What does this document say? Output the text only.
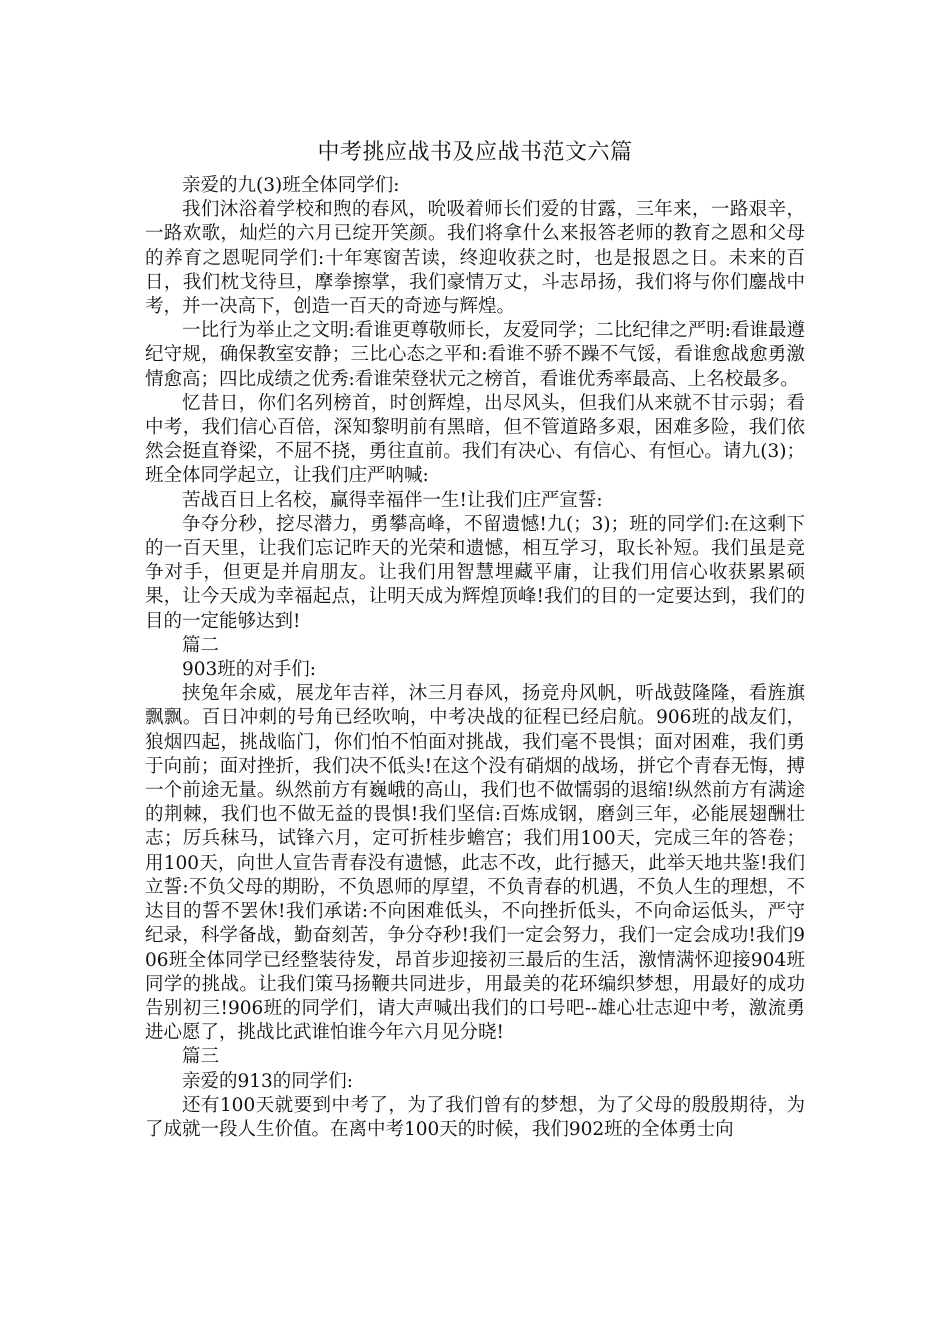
中考挑应战书及应战书范文六篇

亲爱的九(3)班全体同学们:

我们沐浴着学校和煦的春风，吮吸着师长们爱的甘露，三年来，一路艰辛，一路欢歌，灿烂的六月已绽开笑颜。我们将拿什么来报答老师的教育之恩和父母的养育之恩呢同学们:十年寒窗苦读，终迎收获之时，也是报恩之日。未来的百日，我们枕戈待旦，摩拳擦掌，我们豪情万丈，斗志昂扬，我们将与你们鏖战中考，并一决高下，创造一百天的奇迹与辉煌。

一比行为举止之文明:看谁更尊敬师长，友爱同学；二比纪律之严明:看谁最遵纪守规，确保教室安静；三比心态之平和:看谁不骄不躁不气馁，看谁愈战愈勇激情愈高；四比成绩之优秀:看谁荣登状元之榜首，看谁优秀率最高、上名校最多。

忆昔日，你们名列榜首，时创辉煌，出尽风头，但我们从来就不甘示弱；看中考，我们信心百倍，深知黎明前有黑暗，但不管道路多艰，困难多险，我们依然会挺直脊梁，不屈不挠，勇往直前。我们有决心、有信心、有恒心。请九(3)；班全体同学起立，让我们庄严呐喊:

苦战百日上名校，赢得幸福伴一生!让我们庄严宣誓:

争夺分秒，挖尽潜力，勇攀高峰，不留遗憾!九(；3)；班的同学们:在这剩下的一百天里，让我们忘记昨天的光荣和遗憾，相互学习，取长补短。我们虽是竞争对手，但更是并肩朋友。让我们用智慧埋藏平庸，让我们用信心收获累累硕果，让今天成为幸福起点，让明天成为辉煌顶峰!我们的目的一定要达到，我们的目的一定能够达到!

篇二

903班的对手们:

挟兔年余威，展龙年吉祥，沐三月春风，扬竞舟风帆，听战鼓隆隆，看旌旗飘飘。百日冲刺的号角已经吹响，中考决战的征程已经启航。906班的战友们，狼烟四起，挑战临门，你们怕不怕面对挑战，我们毫不畏惧；面对困难，我们勇于向前；面对挫折，我们决不低头!在这个没有硝烟的战场，拼它个青春无悔，搏一个前途无量。纵然前方有巍峨的高山，我们也不做懦弱的退缩!纵然前方有满途的荆棘，我们也不做无益的畏惧!我们坚信:百炼成钢，磨剑三年，必能展翅酬壮志；厉兵秣马，试锋六月，定可折桂步蟾宫；我们用100天，完成三年的答卷；用100天，向世人宣告青春没有遗憾，此志不改，此行撼天，此举天地共鉴!我们立誓:不负父母的期盼，不负恩师的厚望，不负青春的机遇，不负人生的理想，不达目的誓不罢休!我们承诺:不向困难低头，不向挫折低头，不向命运低头，严守纪录，科学备战，勤奋刻苦，争分夺秒!我们一定会努力，我们一定会成功!我们906班全体同学已经整装待发，昂首步迎接初三最后的生活，激情满怀迎接904班同学的挑战。让我们策马扬鞭共同进步，用最美的花环编织梦想，用最好的成功告别初三!906班的同学们，请大声喊出我们的口号吧--雄心壮志迎中考，激流勇进心愿了，挑战比武谁怕谁今年六月见分晓!

篇三

亲爱的913的同学们:

还有100天就要到中考了，为了我们曾有的梦想，为了父母的殷殷期待，为了成就一段人生价值。在离中考100天的时候，我们902班的全体勇士向
